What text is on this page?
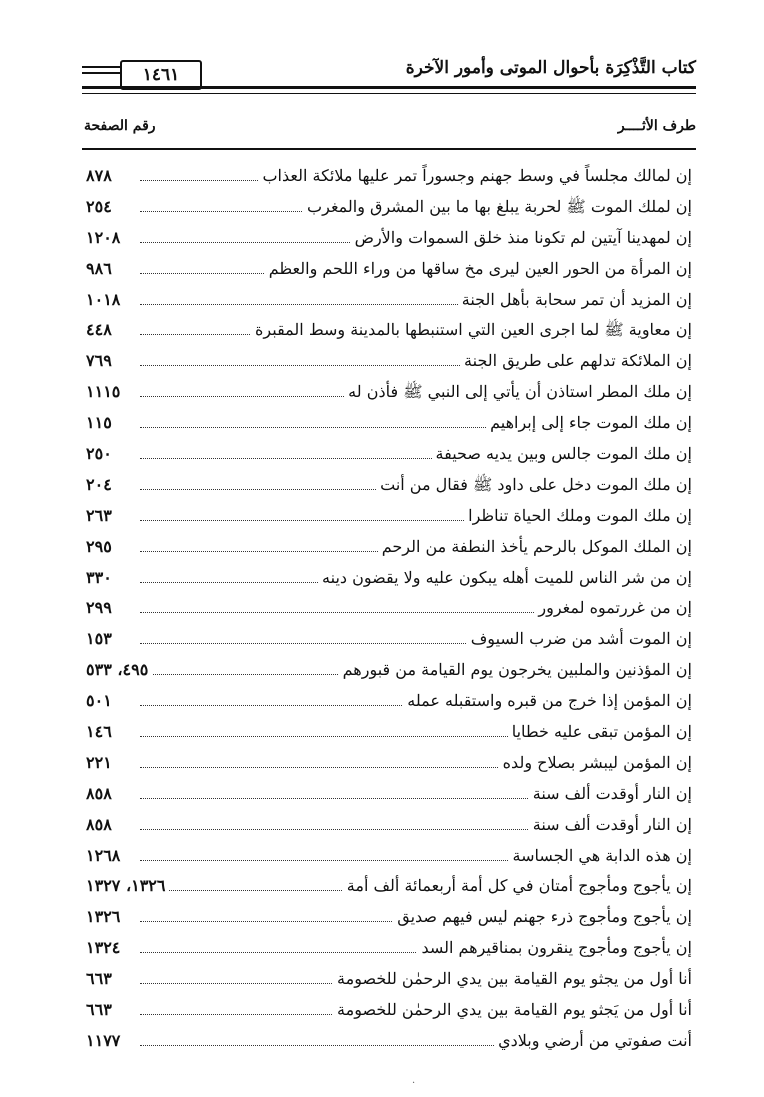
كتاب التَّذْكِرَة بأحوال الموتى وأمور الآخرة
١٤٦١
طرف الأثــــر
رقم الصفحة
إن لمالك مجلساً في وسط جهنم وجسوراً تمر عليها ملائكة العذاب
٨٧٨
إن لملك الموت ﷺ لحربة يبلغ بها ما بين المشرق والمغرب
٢٥٤
إن لمهدينا آيتين لم تكونا منذ خلق السموات والأرض
١٢٠٨
إن المرأة من الحور العين ليرى مخ ساقها من وراء اللحم والعظم
٩٨٦
إن المزيد أن تمر سحابة بأهل الجنة
١٠١٨
إن معاوية ﷺ لما اجرى العين التي استنبطها بالمدينة وسط المقبرة
٤٤٨
إن الملائكة تدلهم على طريق الجنة
٧٦٩
إن ملك المطر استاذن أن يأتي إلى النبي ﷺ فأذن له
١١١٥
إن ملك الموت جاء إلى إبراهيم
١١٥
إن ملك الموت جالس وبين يديه صحيفة
٢٥٠
إن ملك الموت دخل على داود ﷺ فقال من أنت
٢٠٤
إن ملك الموت وملك الحياة تناظرا
٢٦٣
إن الملك الموكل بالرحم يأخذ النطفة من الرحم
٢٩٥
إن من شر الناس للميت أهله يبكون عليه ولا يقضون دينه
٣٣٠
إن من غررتموه لمغرور
٢٩٩
إن الموت أشد من ضرب السيوف
١٥٣
إن المؤذنين والملبين يخرجون يوم القيامة من قبورهم
٤٩٥، ٥٣٣
إن المؤمن إذا خرج من قبره واستقبله عمله
٥٠١
إن المؤمن تبقى عليه خطايا
١٤٦
إن المؤمن ليبشر بصلاح ولده
٢٢١
إن النار أوقدت ألف سنة
٨٥٨
إن النار أوقدت ألف سنة
٨٥٨
إن هذه الدابة هي الجساسة
١٢٦٨
إن يأجوج ومأجوج أمتان في كل أمة أربعمائة ألف أمة
١٣٢٦، ١٣٢٧
إن يأجوج ومأجوج ذرء جهنم ليس فيهم صديق
١٣٢٦
إن يأجوج ومأجوج ينقرون بمناقيرهم السد
١٣٢٤
أنا أول من يجثو يوم القيامة بين يدي الرحمٰن للخصومة
٦٦٣
أنا أول من يَجثو يوم القيامة بين يدي الرحمٰن للخصومة
٦٦٣
أنت صفوتي من أرضي وبلادي
١١٧٧
·
